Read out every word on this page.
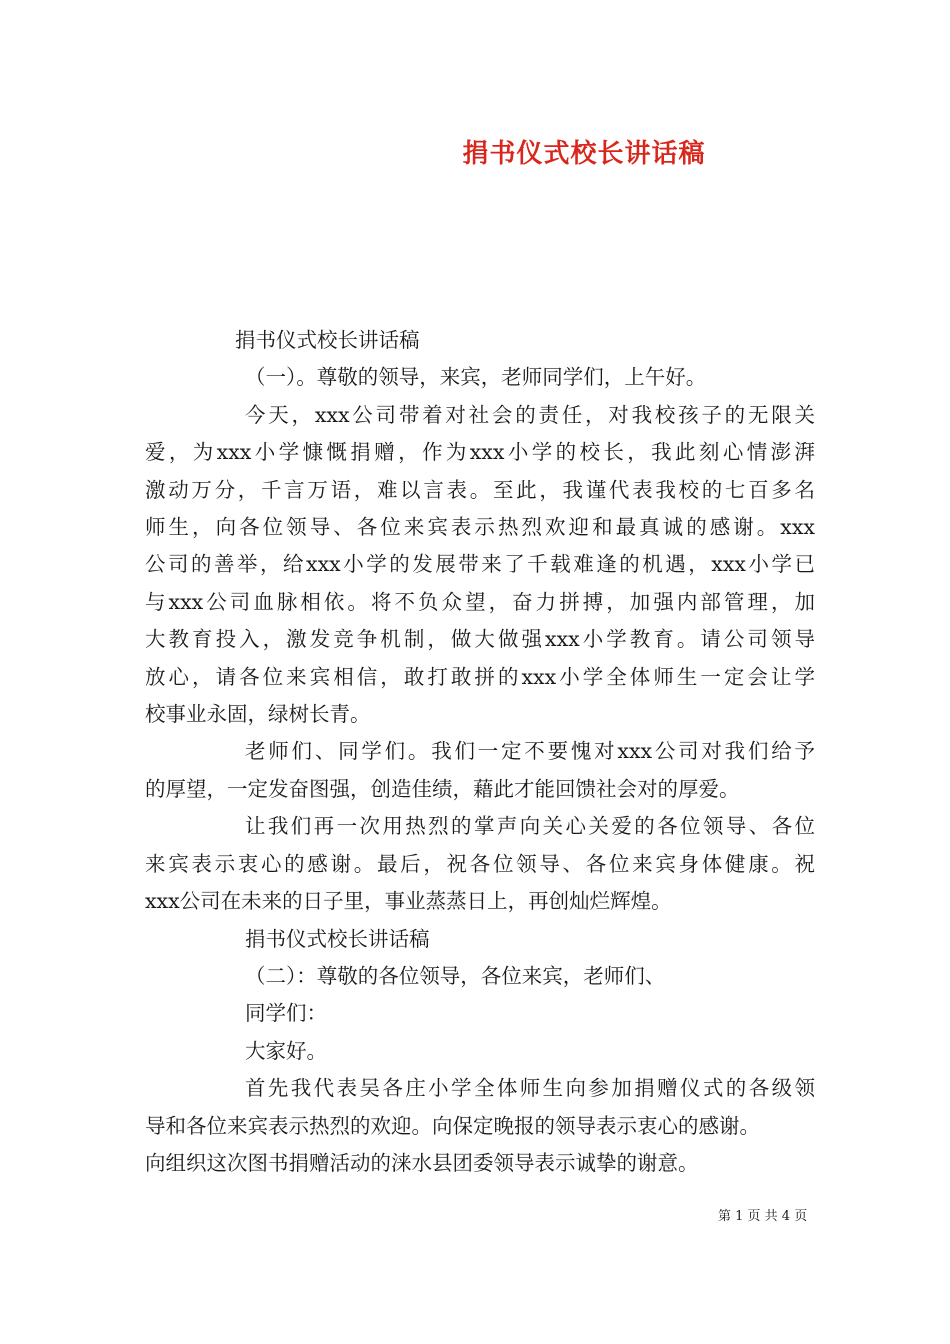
捐书仪式校长讲话稿
捐书仪式校长讲话稿
（一）。尊敬的领导，来宾，老师同学们，上午好。
今天，xxx公司带着对社会的责任，对我校孩子的无限关
爱，为xxx小学慷慨捐赠，作为xxx小学的校长，我此刻心情澎湃
激动万分，千言万语，难以言表。至此，我谨代表我校的七百多名
师生，向各位领导、各位来宾表示热烈欢迎和最真诚的感谢。xxx
公司的善举，给xxx小学的发展带来了千载难逢的机遇，xxx小学已
与xxx公司血脉相依。将不负众望，奋力拼搏，加强内部管理，加
大教育投入，激发竞争机制，做大做强xxx小学教育。请公司领导
放心，请各位来宾相信，敢打敢拼的xxx小学全体师生一定会让学
校事业永固，绿树长青。
老师们、同学们。我们一定不要愧对xxx公司对我们给予
的厚望，一定发奋图强，创造佳绩，藉此才能回馈社会对的厚爱。
让我们再一次用热烈的掌声向关心关爱的各位领导、各位
来宾表示衷心的感谢。最后，祝各位领导、各位来宾身体健康。祝
xxx公司在未来的日子里，事业蒸蒸日上，再创灿烂辉煌。
捐书仪式校长讲话稿
（二）：尊敬的各位领导，各位来宾，老师们、
同学们：
大家好。
首先我代表吴各庄小学全体师生向参加捐赠仪式的各级领
导和各位来宾表示热烈的欢迎。向保定晚报的领导表示衷心的感谢。
向组织这次图书捐赠活动的涞水县团委领导表示诚挚的谢意。
第 1 页 共 4 页
